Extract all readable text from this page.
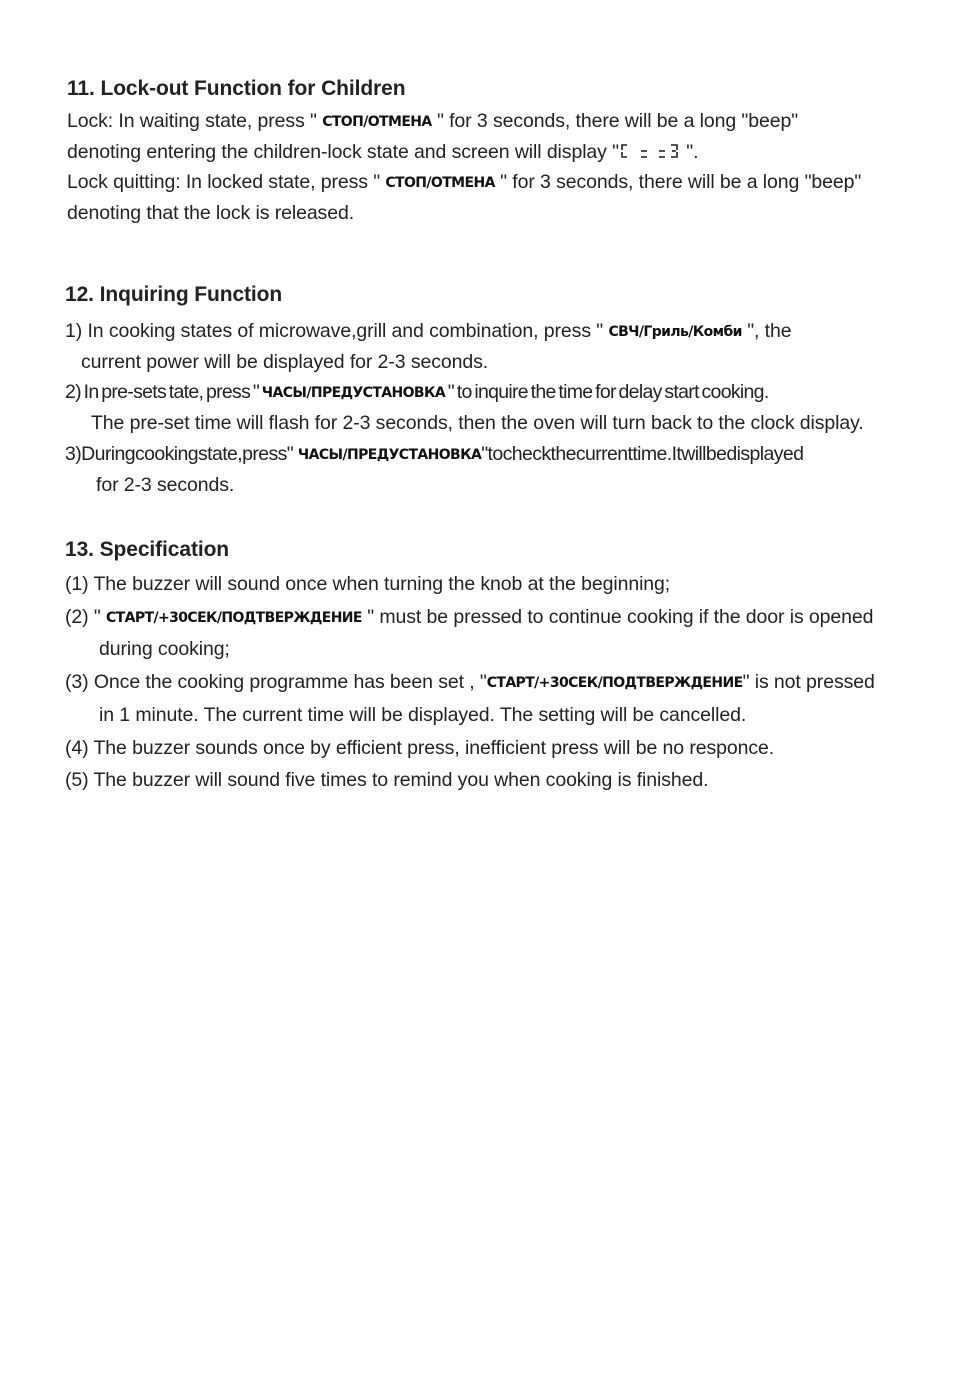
11. Lock-out Function for Children
Lock: In waiting state, press " СТОП/ОТМЕНА " for 3 seconds, there will be a long "beep"
denoting entering the children-lock state and screen will display "	".
Lock quitting: In locked state, press " СТОП/ОТМЕНА " for 3 seconds, there will be a long "beep"
denoting that the lock is released.
12. Inquiring Function
1) In cooking states of microwave,grill and combination, press " СВЧ/Гриль/Комби ", the
current power will be displayed for 2-3 seconds.
2) In pre-sets tate, press " ЧАСЫ/ПРЕДУСТАНОВКА " to inquire the time for delay start cooking.
The pre-set time will flash for 2-3 seconds, then the oven will turn back to the clock display.
3)Duringcookingstate,press" ЧАСЫ/ПРЕДУСТАНОВКА"tocheckthecurrenttime.Itwillbedisplayed
for 2-3 seconds.
13. Specification
(1) The buzzer will sound once when turning the knob at the beginning;
(2) " СТАРТ/+30СЕК/ПОДТВЕРЖДЕНИЕ " must be pressed to continue cooking if the door is opened
during cooking;
(3) Once the cooking programme has been set , "СТАРТ/+30СЕК/ПОДТВЕРЖДЕНИЕ" is not pressed
in 1 minute. The current time will be displayed. The setting will be cancelled.
(4) The buzzer sounds once by efficient press, inefficient press will be no responce.
(5) The buzzer will sound five times to remind you when cooking is finished.
